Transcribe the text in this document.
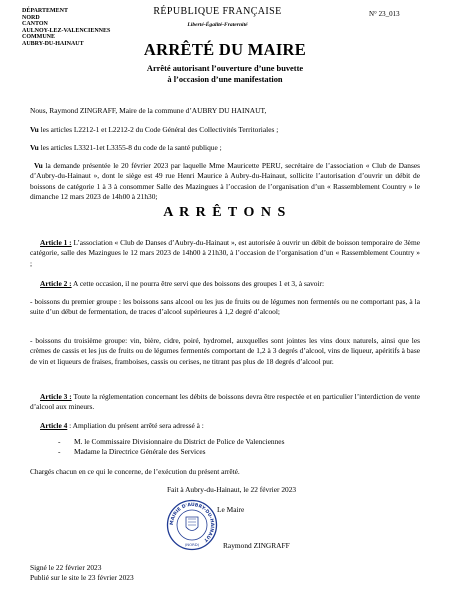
DÉPARTEMENT
NORD
CANTON
AULNOY-LEZ-VALENCIENNES
COMMUNE
AUBRY-DU-HAINAUT
RÉPUBLIQUE FRANÇAISE
Liberté-Égalité-Fraternité
N° 23_013
ARRÊTÉ DU MAIRE
Arrêté autorisant l’ouverture d’une buvette
à l’occasion d’une manifestation
Nous, Raymond ZINGRAFF, Maire de la commune d’AUBRY DU HAINAUT,
Vu les articles L2212-1 et L2212-2 du Code Général des Collectivités Territoriales ;
Vu les articles L3321-1et L3355-8 du code de la santé publique ;
Vu la demande présentée le 20 février 2023 par laquelle Mme Mauricette PERU, secrétaire de l’association « Club de Danses d’Aubry-du-Hainaut », dont le siège est 49 rue Henri Maurice à Aubry-du-Hainaut, sollicite l’autorisation d’ouvrir un débit de boissons de catégorie 1 à 3 à consommer Salle des Mazingues à l’occasion de l’organisation d’un « Rassemblement Country » le dimanche 12 mars 2023 de 14h00 à 21h30;
A R R Ê T O N S
Article 1 : L’association « Club de Danses d’Aubry-du-Hainaut », est autorisée à ouvrir un débit de boisson temporaire de 3ème catégorie, salle des Mazingues le 12 mars 2023 de 14h00 à 21h30, à l’occasion de l’organisation d’un « Rassemblement Country » ;
Article 2 : A cette occasion, il ne pourra être servi que des boissons des groupes 1 et 3, à savoir:
- boissons du premier groupe : les boissons sans alcool ou les jus de fruits ou de légumes non fermentés ou ne comportant pas, à la suite d’un début de fermentation, de traces d’alcool supérieures à 1,2 degré d’alcool;
- boissons du troisième groupe: vin, bière, cidre, poiré, hydromel, auxquelles sont jointes les vins doux naturels, ainsi que les crèmes de cassis et les jus de fruits ou de légumes fermentés comportant de 1,2 à 3 degrés d’alcool, vins de liqueur, apéritifs à base de vin et liqueurs de fraises, framboises, cassis ou cerises, ne titrant pas plus de 18 degrés d’alcool pur.
Article 3 : Toute la réglementation concernant les débits de boissons devra être respectée et en particulier l’interdiction de vente d’alcool aux mineurs.
Article 4 : Ampliation du présent arrêté sera adressé à :
- M. le Commissaire Divisionnaire du District de Police de Valenciennes
- Madame la Directrice Générale des Services
Chargés chacun en ce qui le concerne, de l’exécution du présent arrêté.
Fait à Aubry-du-Hainaut, le 22 février 2023
Le Maire
Raymond ZINGRAFF
MAIRIE D'AUBRY-DU-HAINAUT
(NORD)
Signé le 22 février 2023
Publié sur le site le 23 février 2023
